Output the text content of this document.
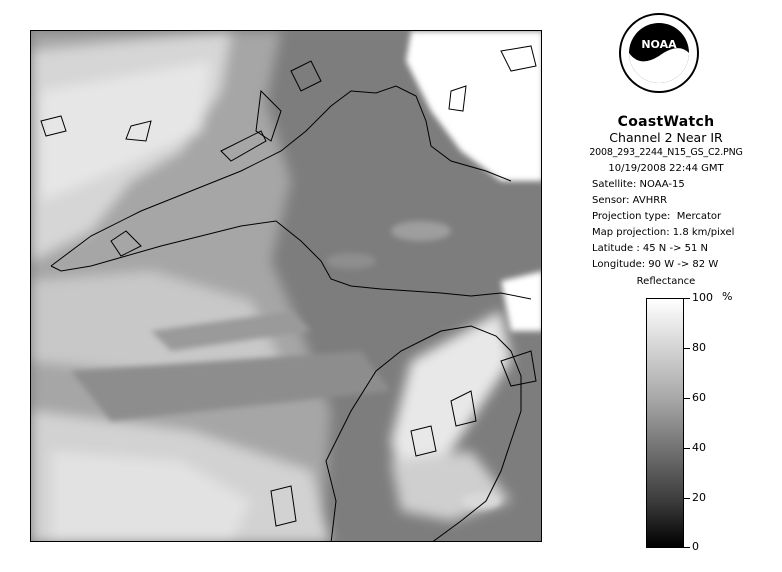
NOAA
CoastWatch
Channel 2 Near IR
2008_293_2244_N15_GS_C2.PNG
10/19/2008 22:44 GMT
Satellite: NOAA-15
Sensor: AVHRR
Projection type: Mercator
Map projection: 1.8 km/pixel
Latitude : 45 N -> 51 N
Longitude: 90 W -> 82 W
Reflectance
%
100
80
60
40
20
0
